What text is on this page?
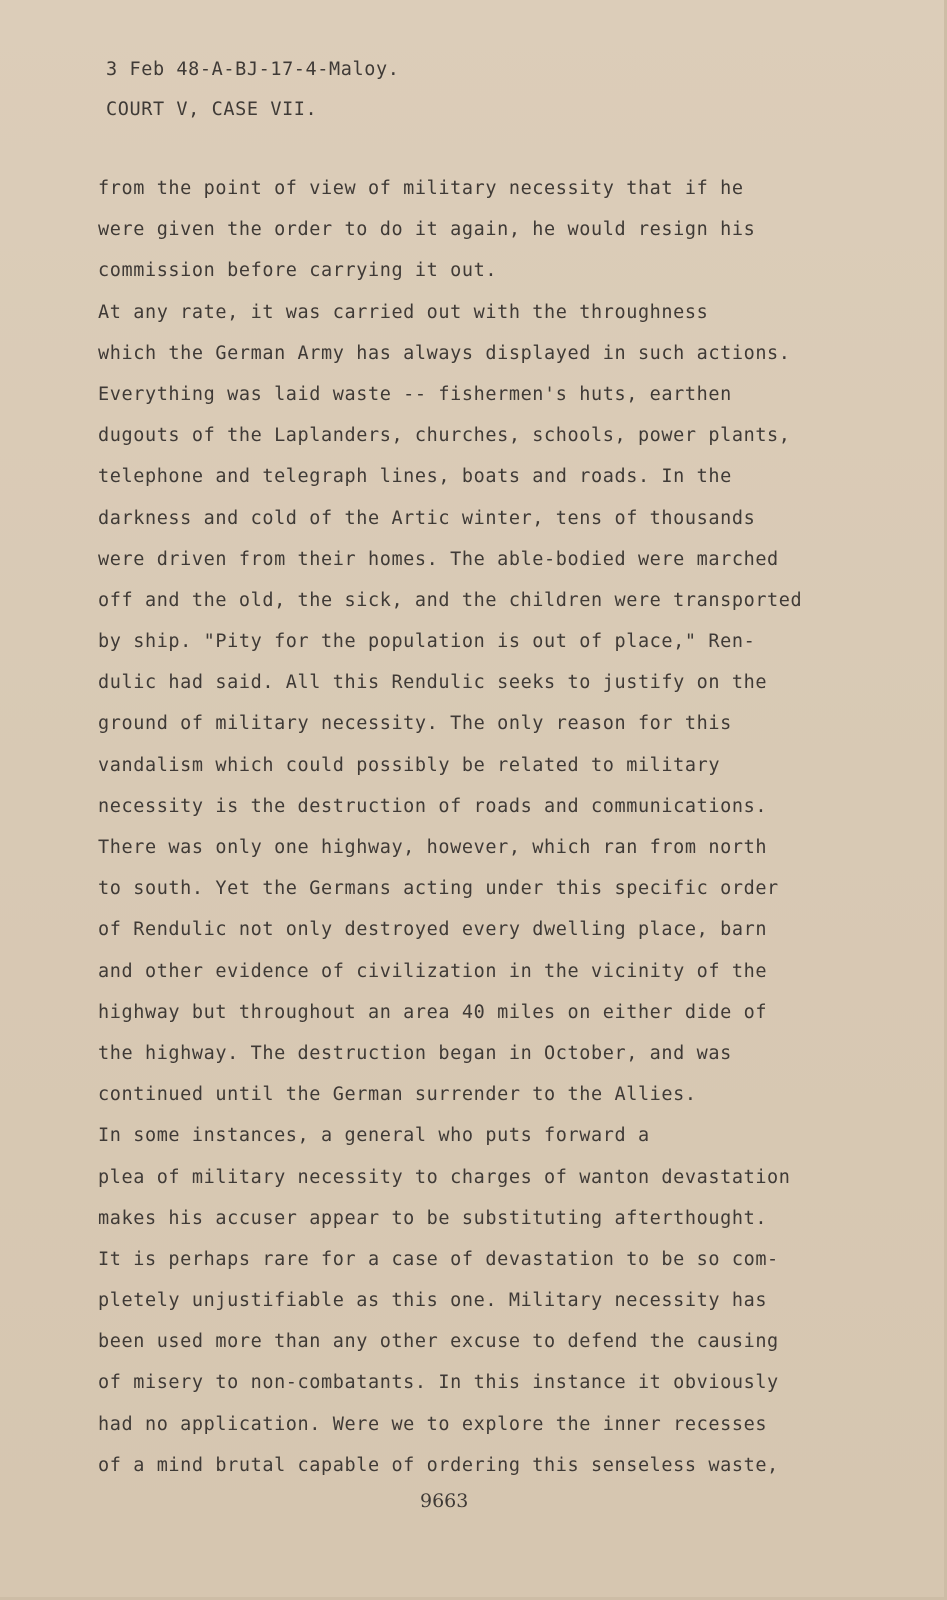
3 Feb 48-A-BJ-17-4-Maloy.
COURT V, CASE VII.
from the point of view of military necessity that if he
were given the order to do it again, he would resign his
commission before carrying it out.
At any rate, it was carried out with the throughness
which the German Army has always displayed in such actions.
Everything was laid waste -- fishermen's huts, earthen
dugouts of the Laplanders, churches, schools, power plants,
telephone and telegraph lines, boats and roads. In the
darkness and cold of the Artic winter, tens of thousands
were driven from their homes. The able-bodied were marched
off and the old, the sick, and the children were transported
by ship. "Pity for the population is out of place," Ren-
dulic had said. All this Rendulic seeks to justify on the
ground of military necessity. The only reason for this
vandalism which could possibly be related to military
necessity is the destruction of roads and communications.
There was only one highway, however, which ran from north
to south. Yet the Germans acting under this specific order
of Rendulic not only destroyed every dwelling place, barn
and other evidence of civilization in the vicinity of the
highway but throughout an area 40 miles on either dide of
the highway. The destruction began in October, and was
continued until the German surrender to the Allies.
In some instances, a general who puts forward a
plea of military necessity to charges of wanton devastation
makes his accuser appear to be substituting afterthought.
It is perhaps rare for a case of devastation to be so com-
pletely unjustifiable as this one. Military necessity has
been used more than any other excuse to defend the causing
of misery to non-combatants. In this instance it obviously
had no application. Were we to explore the inner recesses
of a mind brutal capable of ordering this senseless waste,
9663
